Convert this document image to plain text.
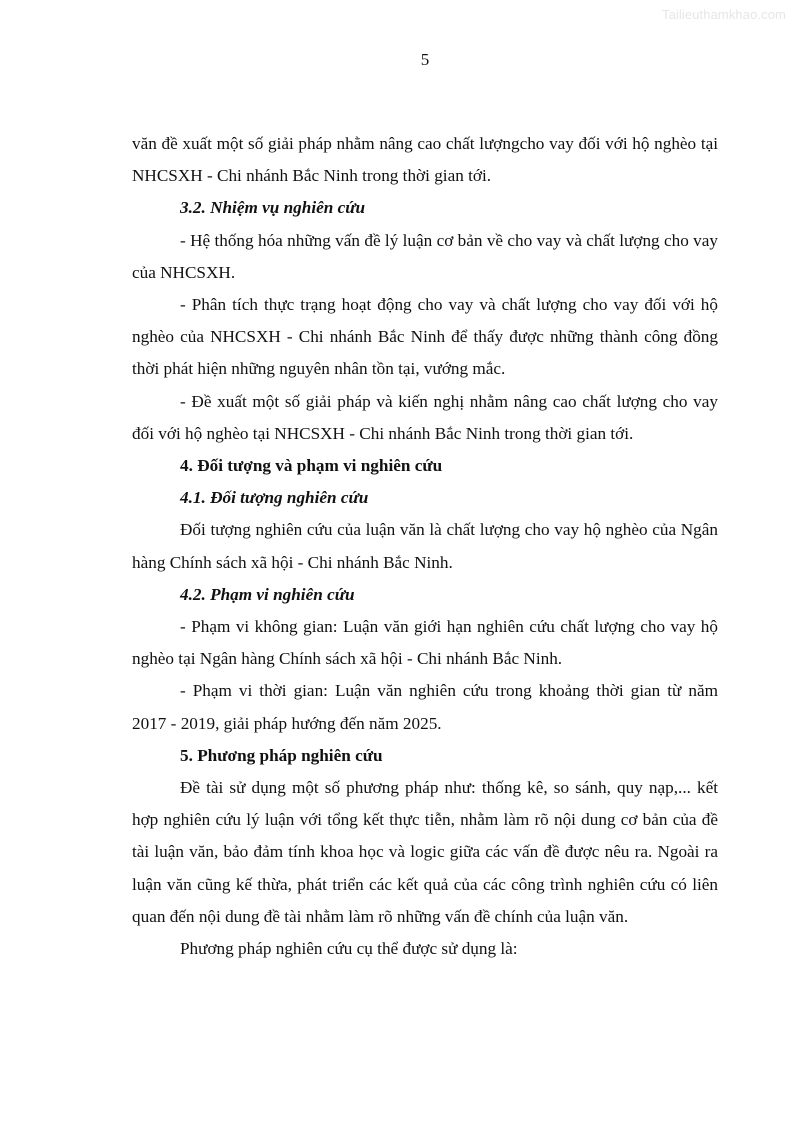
Tailieuthamkhao.com
5

văn đề xuất một số giải pháp nhằm nâng cao chất lượngcho vay đối với hộ nghèo tại NHCSXH - Chi nhánh Bắc Ninh trong thời gian tới.

3.2. Nhiệm vụ nghiên cứu

- Hệ thống hóa những vấn đề lý luận cơ bản về cho vay và chất lượng cho vay của NHCSXH.

- Phân tích thực trạng hoạt động cho vay và chất lượng cho vay đối với hộ nghèo của NHCSXH - Chi nhánh Bắc Ninh để thấy được những thành công đồng thời phát hiện những nguyên nhân tồn tại, vướng mắc.

- Đề xuất một số giải pháp và kiến nghị nhằm nâng cao chất lượng cho vay đối với hộ nghèo tại NHCSXH - Chi nhánh Bắc Ninh trong thời gian tới.

4. Đối tượng và phạm vi nghiên cứu

4.1. Đối tượng nghiên cứu

Đối tượng nghiên cứu của luận văn là chất lượng cho vay hộ nghèo của Ngân hàng Chính sách xã hội - Chi nhánh Bắc Ninh.

4.2. Phạm vi nghiên cứu

- Phạm vi không gian: Luận văn giới hạn nghiên cứu chất lượng cho vay hộ nghèo tại Ngân hàng Chính sách xã hội - Chi nhánh Bắc Ninh.

- Phạm vi thời gian: Luận văn nghiên cứu trong khoảng thời gian từ năm 2017 - 2019, giải pháp hướng đến năm 2025.

5. Phương pháp nghiên cứu

Đề tài sử dụng một số phương pháp như: thống kê, so sánh, quy nạp,... kết hợp nghiên cứu lý luận với tổng kết thực tiễn, nhằm làm rõ nội dung cơ bản của đề tài luận văn, bảo đảm tính khoa học và logic giữa các vấn đề được nêu ra. Ngoài ra luận văn cũng kế thừa, phát triển các kết quả của các công trình nghiên cứu có liên quan đến nội dung đề tài nhằm làm rõ những vấn đề chính của luận văn.

Phương pháp nghiên cứu cụ thể được sử dụng là:
